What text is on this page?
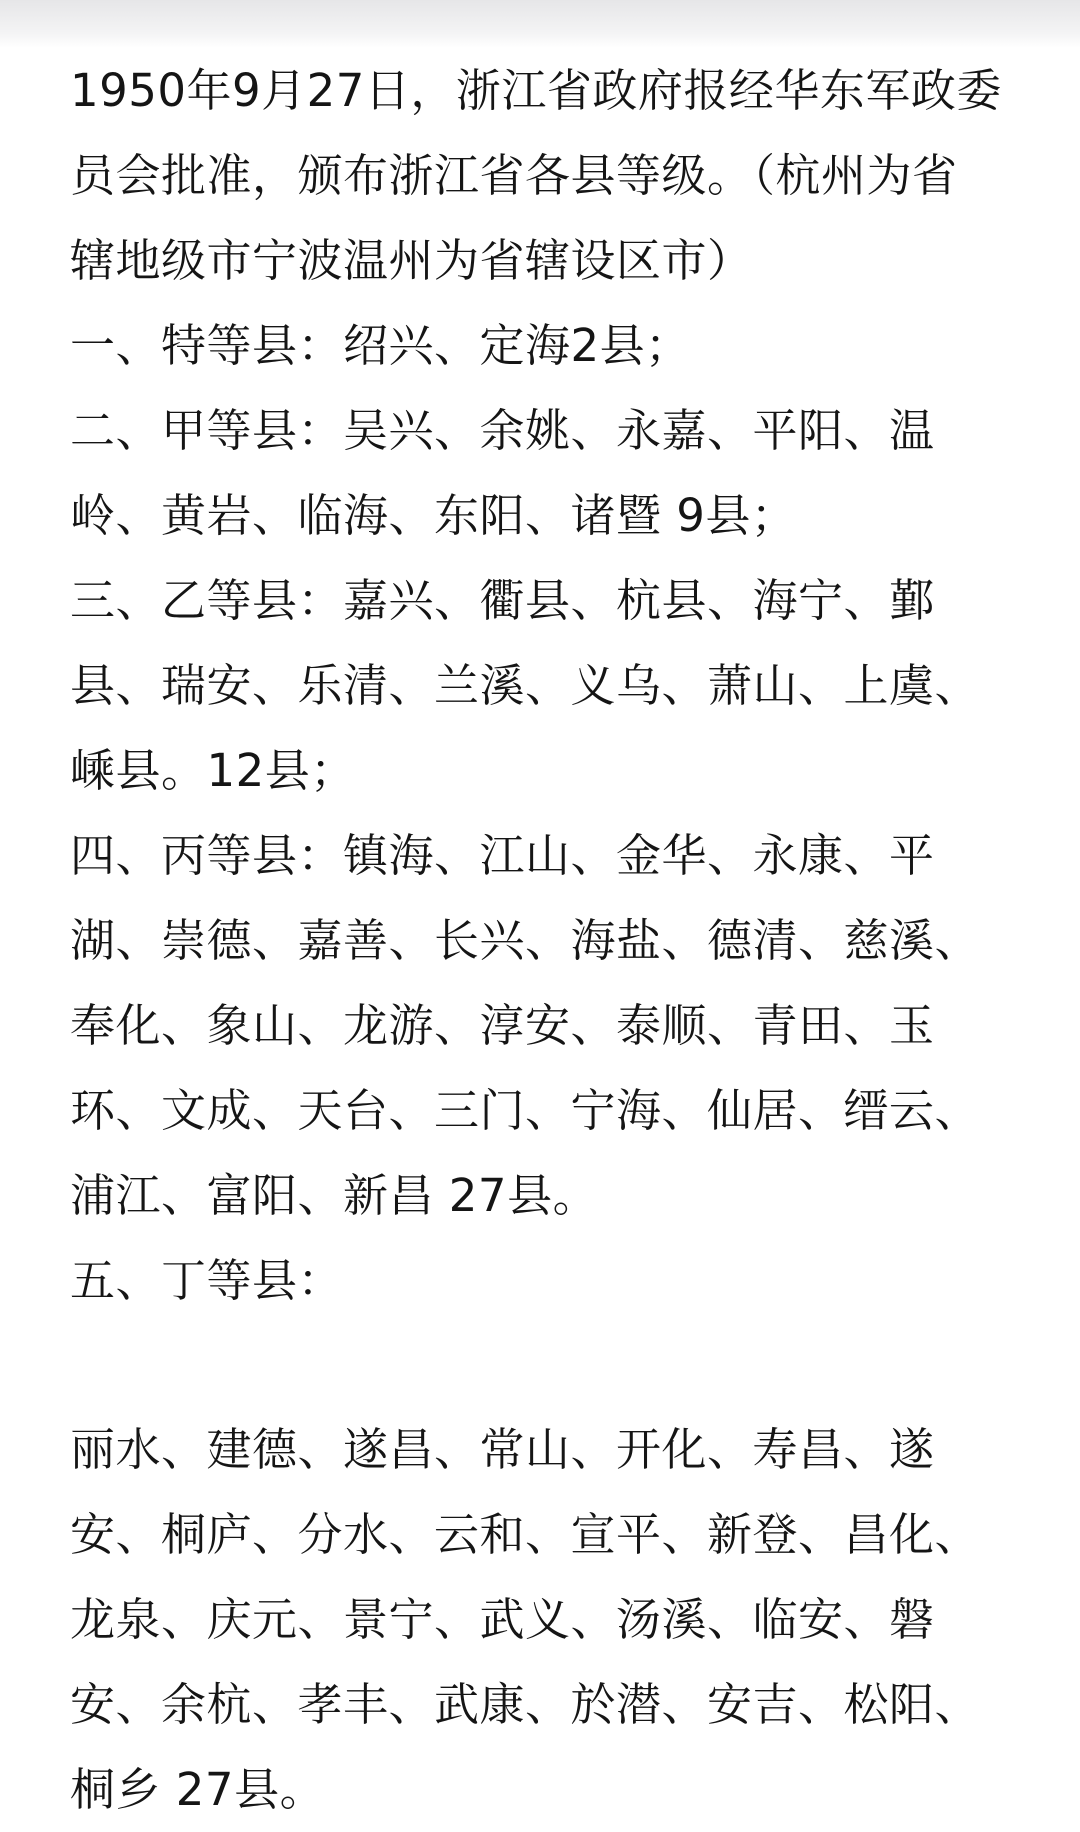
1950年9月27日，浙江省政府报经华东军政委
员会批准，颁布浙江省各县等级。（杭州为省
辖地级市宁波温州为省辖设区市）
一、特等县：绍兴、定海2县；
二、甲等县：吴兴、余姚、永嘉、平阳、温
岭、黄岩、临海、东阳、诸暨 9县；
三、乙等县：嘉兴、衢县、杭县、海宁、鄞
县、瑞安、乐清、兰溪、义乌、萧山、上虞、
嵊县。12县；
四、丙等县：镇海、江山、金华、永康、平
湖、崇德、嘉善、长兴、海盐、德清、慈溪、
奉化、象山、龙游、淳安、泰顺、青田、玉
环、文成、天台、三门、宁海、仙居、缙云、
浦江、富阳、新昌 27县。
五、丁等县：
丽水、建德、遂昌、常山、开化、寿昌、遂
安、桐庐、分水、云和、宣平、新登、昌化、
龙泉、庆元、景宁、武义、汤溪、临安、磐
安、余杭、孝丰、武康、於潜、安吉、松阳、
桐乡 27县。
